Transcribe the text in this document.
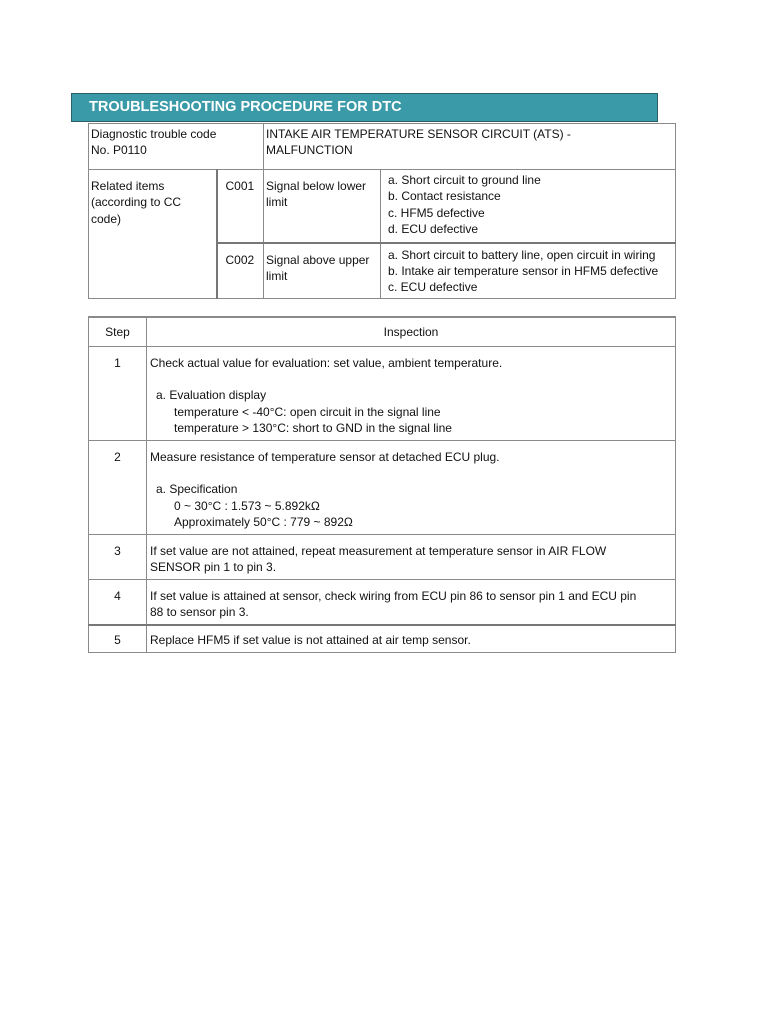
TROUBLESHOOTING PROCEDURE FOR DTC
Diagnostic trouble code
No. P0110		INTAKE AIR TEMPERATURE SENSOR CIRCUIT (ATS) -
MALFUNCTION	

Related items
(according to CC
code)	C001	Signal below lower
limit	a. Short circuit to ground line
b. Contact resistance
c. HFM5 defective
d. ECU defective

	C002	Signal above upper
limit	a. Short circuit to battery line, open circuit in wiring
b. Intake air temperature sensor in HFM5 defective
c. ECU defective
Step	Inspection
1	Check actual value for evaluation: set value, ambient temperature.
a. Evaluation display
temperature < -40°C: open circuit in the signal line
temperature > 130°C: short to GND in the signal line

2	Measure resistance of temperature sensor at detached ECU plug.
a. Specification
0 ~ 30°C : 1.573 ~ 5.892kΩ
Approximately 50°C : 779 ~ 892Ω

3	If set value are not attained, repeat measurement at temperature sensor in AIR FLOW
SENSOR pin 1 to pin 3.

4	If set value is attained at sensor, check wiring from ECU pin 86 to sensor pin 1 and ECU pin
88 to sensor pin 3.

5	Replace HFM5 if set value is not attained at air temp sensor.
